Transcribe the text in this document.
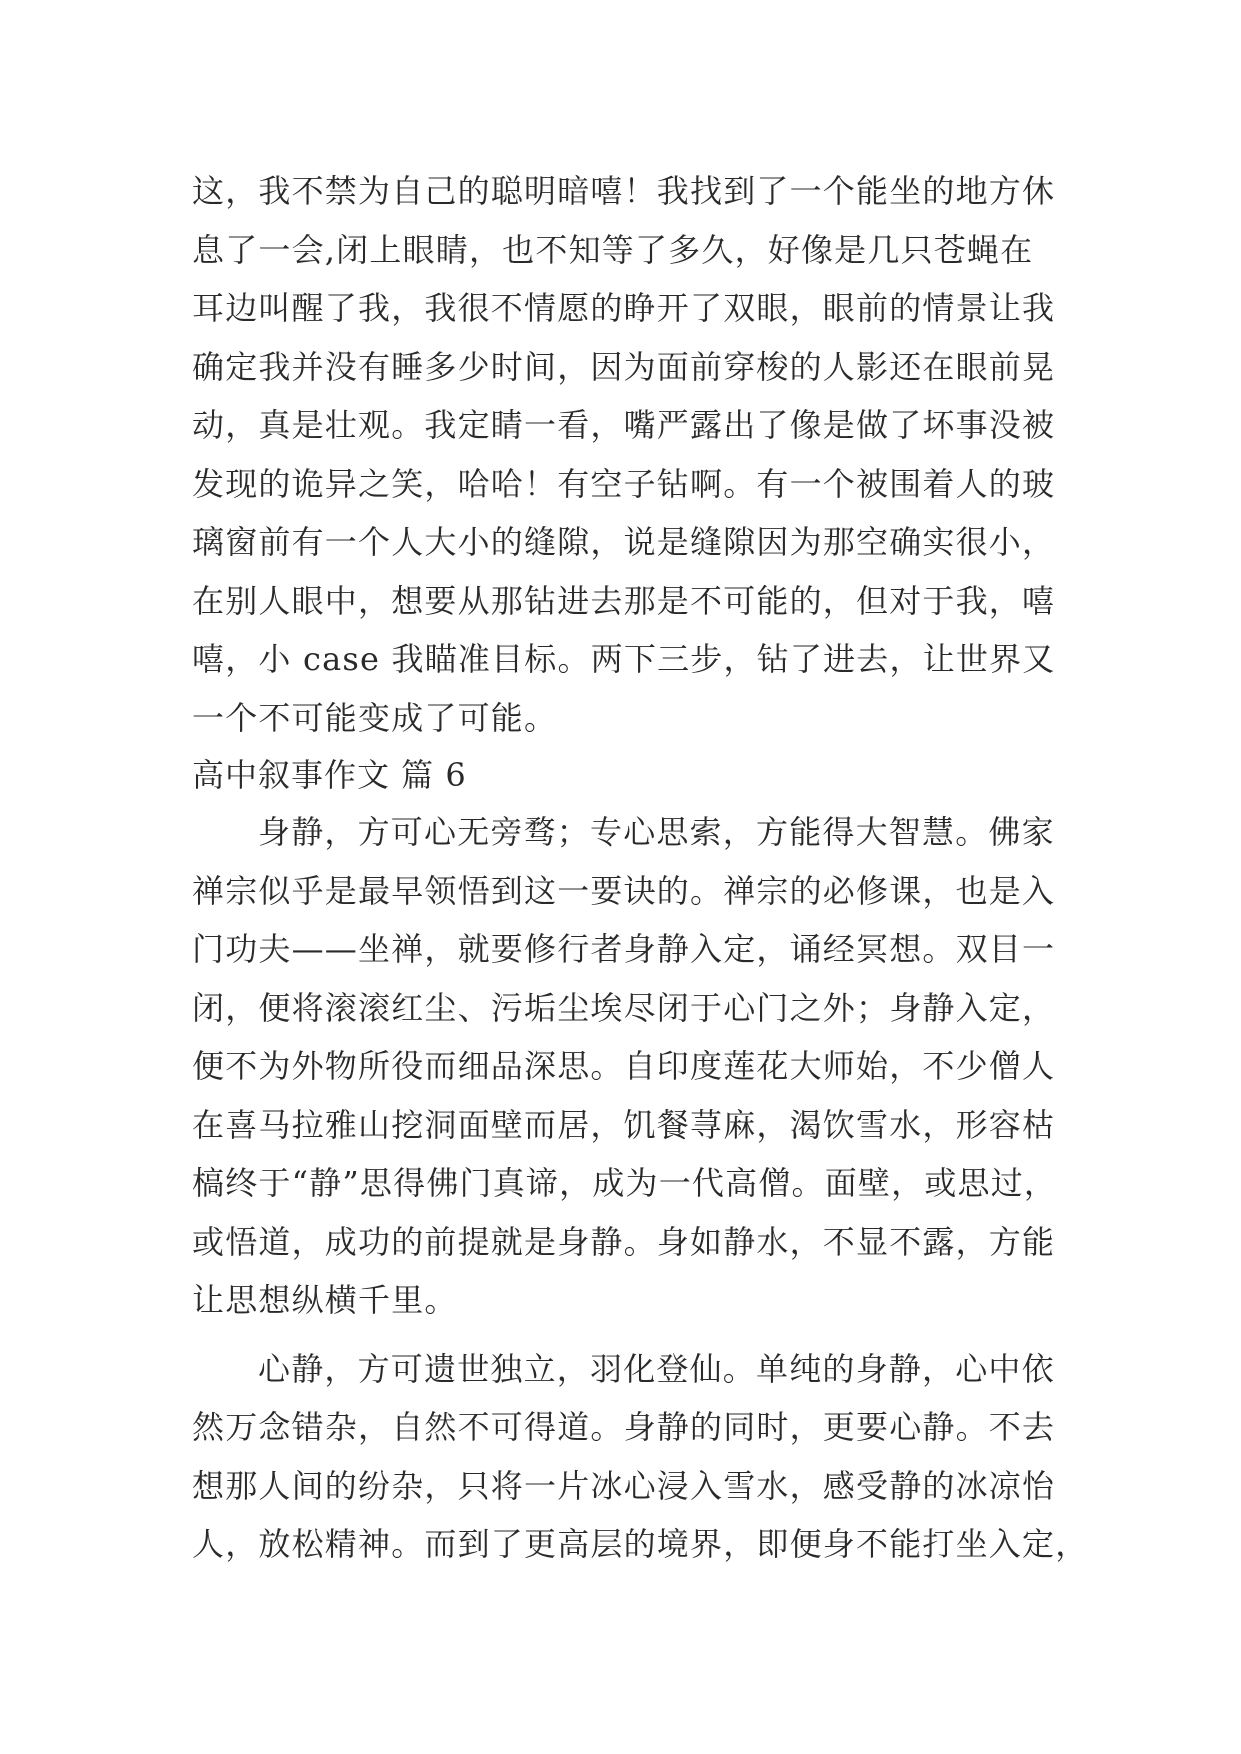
这，我不禁为自己的聪明暗嘻！我找到了一个能坐的地方休
息了一会,闭上眼睛，也不知等了多久，好像是几只苍蝇在
耳边叫醒了我，我很不情愿的睁开了双眼，眼前的情景让我
确定我并没有睡多少时间，因为面前穿梭的人影还在眼前晃
动，真是壮观。我定睛一看，嘴严露出了像是做了坏事没被
发现的诡异之笑，哈哈！有空子钻啊。有一个被围着人的玻
璃窗前有一个人大小的缝隙，说是缝隙因为那空确实很小，
在别人眼中，想要从那钻进去那是不可能的，但对于我，嘻
嘻，小 case 我瞄准目标。两下三步，钻了进去，让世界又
一个不可能变成了可能。
高中叙事作文 篇 6
身静，方可心无旁骛；专心思索，方能得大智慧。佛家
禅宗似乎是最早领悟到这一要诀的。禅宗的必修课，也是入
门功夫——坐禅，就要修行者身静入定，诵经冥想。双目一
闭，便将滚滚红尘、污垢尘埃尽闭于心门之外；身静入定，
便不为外物所役而细品深思。自印度莲花大师始，不少僧人
在喜马拉雅山挖洞面壁而居，饥餐荨麻，渴饮雪水，形容枯
槁终于“静”思得佛门真谛，成为一代高僧。面壁，或思过，
或悟道，成功的前提就是身静。身如静水，不显不露，方能
让思想纵横千里。
心静，方可遗世独立，羽化登仙。单纯的身静，心中依
然万念错杂，自然不可得道。身静的同时，更要心静。不去
想那人间的纷杂，只将一片冰心浸入雪水，感受静的冰凉怡
人，放松精神。而到了更高层的境界，即便身不能打坐入定，
